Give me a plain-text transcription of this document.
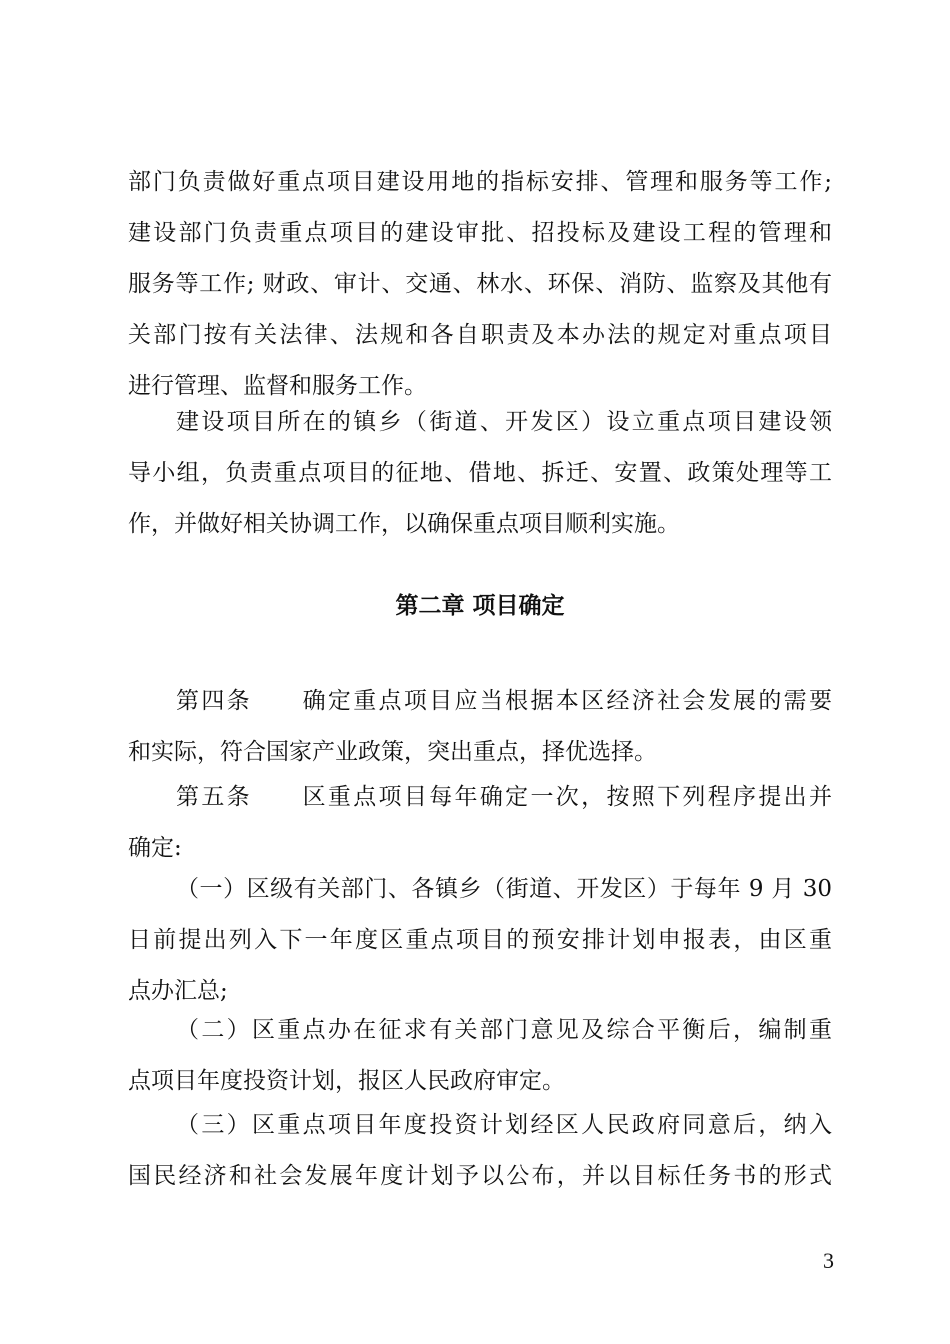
部门负责做好重点项目建设用地的指标安排、管理和服务等工作;
建设部门负责重点项目的建设审批、招投标及建设工程的管理和
服务等工作; 财政、审计、交通、林水、环保、消防、监察及其他有
关部门按有关法律、法规和各自职责及本办法的规定对重点项目
进行管理、监督和服务工作。
建设项目所在的镇乡（街道、开发区）设立重点项目建设领
导小组，负责重点项目的征地、借地、拆迁、安置、政策处理等工
作，并做好相关协调工作，以确保重点项目顺利实施。
第二章 项目确定
第四条　　确定重点项目应当根据本区经济社会发展的需要
和实际，符合国家产业政策，突出重点，择优选择。
第五条　　区重点项目每年确定一次，按照下列程序提出并
确定:
（一）区级有关部门、各镇乡（街道、开发区）于每年 9 月 30
日前提出列入下一年度区重点项目的预安排计划申报表，由区重
点办汇总;
（二）区重点办在征求有关部门意见及综合平衡后，编制重
点项目年度投资计划，报区人民政府审定。
（三）区重点项目年度投资计划经区人民政府同意后，纳入
国民经济和社会发展年度计划予以公布，并以目标任务书的形式
3
